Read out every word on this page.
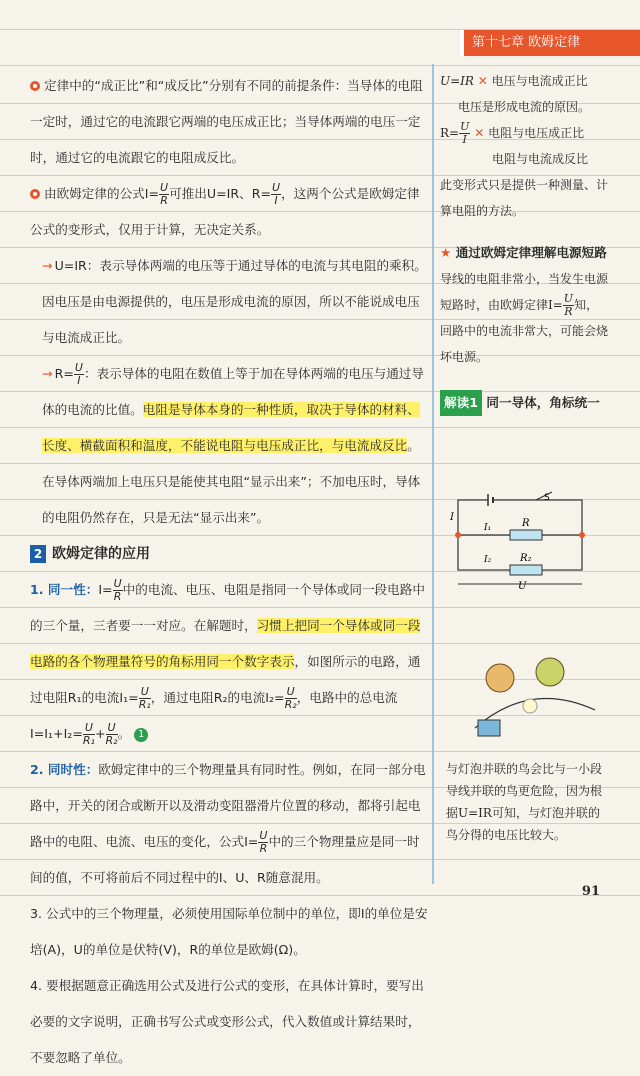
第十七章 欧姆定律

定律中的“成正比”和“成反比”分别有不同的前提条件：当导体的电阻一定时，通过它的电流跟它两端的电压成正比；当导体两端的电压一定时，通过它的电流跟它的电阻成反比。

由欧姆定律的公式$I= \frac{U}{R}$ 可推出U=IR、$R= \frac{U}{I}$ ，这两个公式是欧姆定律公式的变形式，仅用于计算，无决定关系。

→ U=IR：表示导体两端的电压等于通过导体的电流与其电阻的乘积。因电压是由电源提供的，电压是形成电流的原因，所以不能说成电压与电流成正比。

→ $R= \frac{U}{I}$ ：表示导体的电阻在数值上等于加在导体两端的电压与通过导体的电流的比值。电阻是导体本身的一种性质，取决于导体的材料、长度、横截面积和温度，不能说电阻与电压成正比，与电流成反比。在导体两端加上电压只是能使其电阻“显示出来”；不加电压时，导体的电阻仍然存在，只是无法“显示出来”。

2 欧姆定律的应用

1. 同一性：$I= \frac{U}{R}$ 中的电流、电压、电阻是指同一个导体或同一段电路中的三个量，三者要一一对应。在解题时，习惯上把同一个导体或同一段电路的各个物理量符号的角标用同一个数字表示，如图所示的电路，通过电阻R₁的电流$I_1= \frac{U}{\text{R₁}}$ ，通过电阻R₂的电流$I_2= \frac{U}{\text{R₂}}$ ，电路中的总电流$I=I_1+I_2= \frac{U}{\text{R₁}} + \frac{U}{\text{R₂}}$ 。 1

2. 同时性：欧姆定律中的三个物理量具有同时性。例如，在同一部分电路中，开关的闭合或断开以及滑动变阻器滑片位置的移动，都将引起电路中的电阻、电流、电压的变化，公式$I= \frac{U}{R}$ 中的三个物理量应是同一时间的值，不可将前后不同过程中的I、U、R随意混用。

3. 公式中的三个物理量，必须使用国际单位制中的单位，即I的单位是安培(A)，U的单位是伏特(V)，R的单位是欧姆(Ω)。

4. 要根据题意正确选用公式及进行公式的变形，在具体计算时，要写出必要的文字说明，正确书写公式或变形公式，代入数值或计算结果时，不要忽略了单位。

U=IR ✕ 电压与电流成正比

电压是形成电流的原因。

$R= \frac{U}{I}$ ✕ 电阻与电压成正比

电阻与电流成反比

此变形式只是提供一种测量、计算电阻的方法。

★ 通过欧姆定律理解电源短路

导线的电阻非常小，当发生电源短路时，由欧姆定律$I= \frac{U}{R}$ 知，回路中的电流非常大，可能会烧坏电源。

解读1 同一导体，角标统一

S
I
I₁
I₂
R
R₂
U
与灯泡并联的鸟会比与一小段导线并联的鸟更危险，因为根据U=IR可知，与灯泡并联的鸟分得的电压比较大。
91
